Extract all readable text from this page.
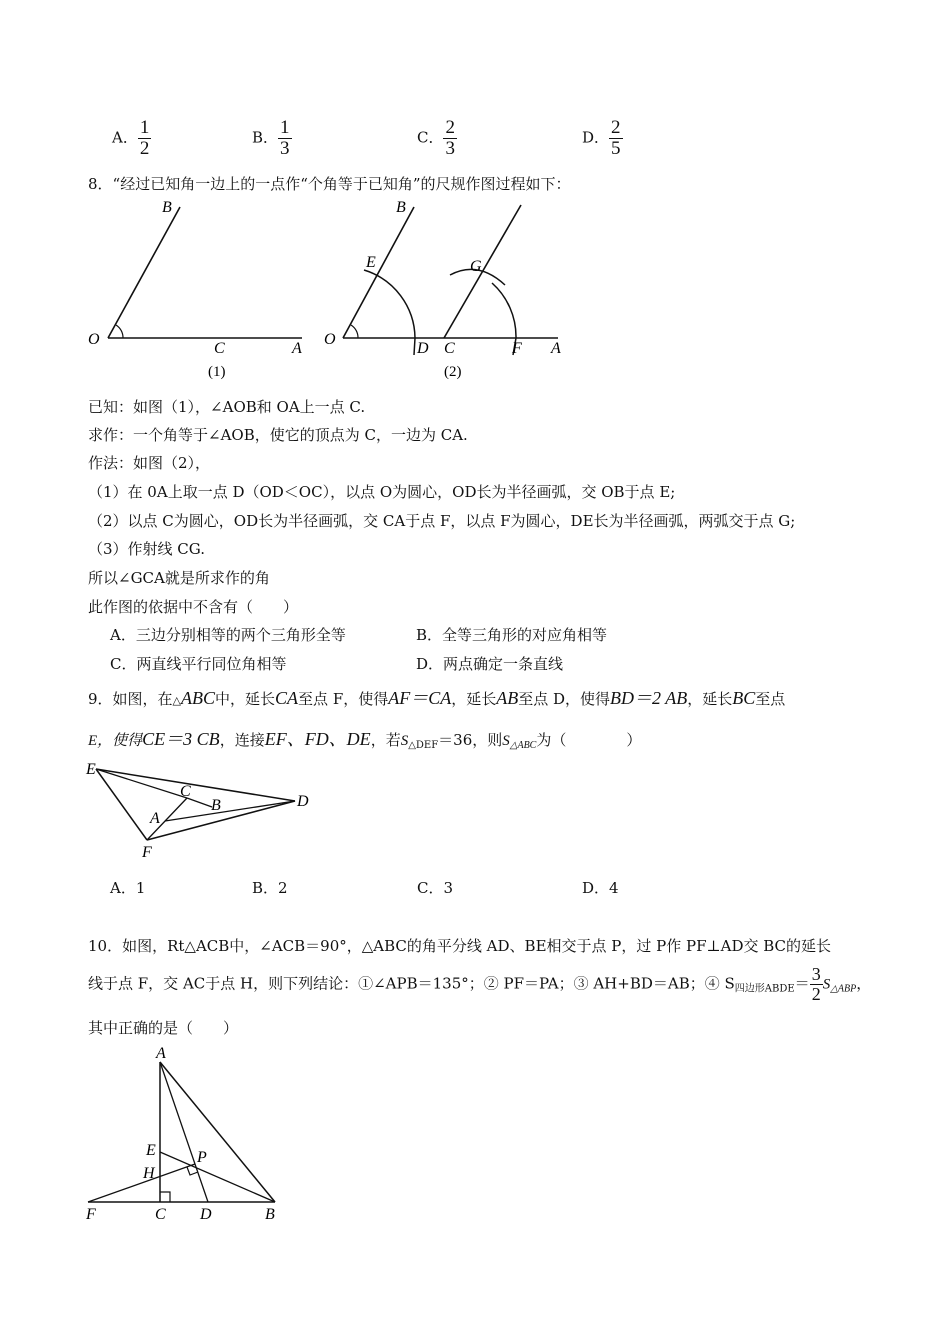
A． $\frac{1}{2}$	B． $\frac{1}{3}$	C． $\frac{2}{3}$	D． $\frac{2}{5}$
8．“经过已知角一边上的一点作“个角等于已知角”的尺规作图过程如下：
B
O
C	A
(1)
B
E	G
O
D C	F A
(2)
已知：如图（1），∠AOB和 OA上一点 C.
求作：一个角等于∠AOB，使它的顶点为 C，一边为 CA.
作法：如图（2），
（1）在 0A上取一点 D（OD＜OC），以点 O为圆心，OD长为半径画弧，交 OB于点 E;
（2）以点 C为圆心，OD长为半径画弧，交 CA于点 F，以点 F为圆心，DE长为半径画弧，两弧交于点 G;
（3）作射线 CG.
所以∠GCA就是所求作的角
此作图的依据中不含有（　　）
A．三边分别相等的两个三角形全等	B．全等三角形的对应角相等
C．两直线平行同位角相等	D．两点确定一条直线
9．如图，在△ABC中，延长CA至点 F，使得AF＝CA，延长AB至点 D，使得BD＝2 AB，延长BC至点
E，使得CE＝3 CB，连接EF、FD、DE，若$S_{\triangle DEF}=36$，则$S_{\triangle ABC}$为（　　　　）
E
C
B	D
A
F
A．1	B．2	C．3	D．4
10．如图，Rt△ACB中，∠ACB＝90°，△ABC的角平分线 AD、BE相交于点 P，过 P作 PF⊥AD交 BC的延长
线于点 F，交 AC于点 H，则下列结论：①∠APB＝135°；② PF＝PA；③ AH+BD＝AB；④ $S_{四边形ABDE}= \frac{3}{2} S_{\triangle ABP}$，
其中正确的是（　　）
A
E
H
P
F	C D	B
